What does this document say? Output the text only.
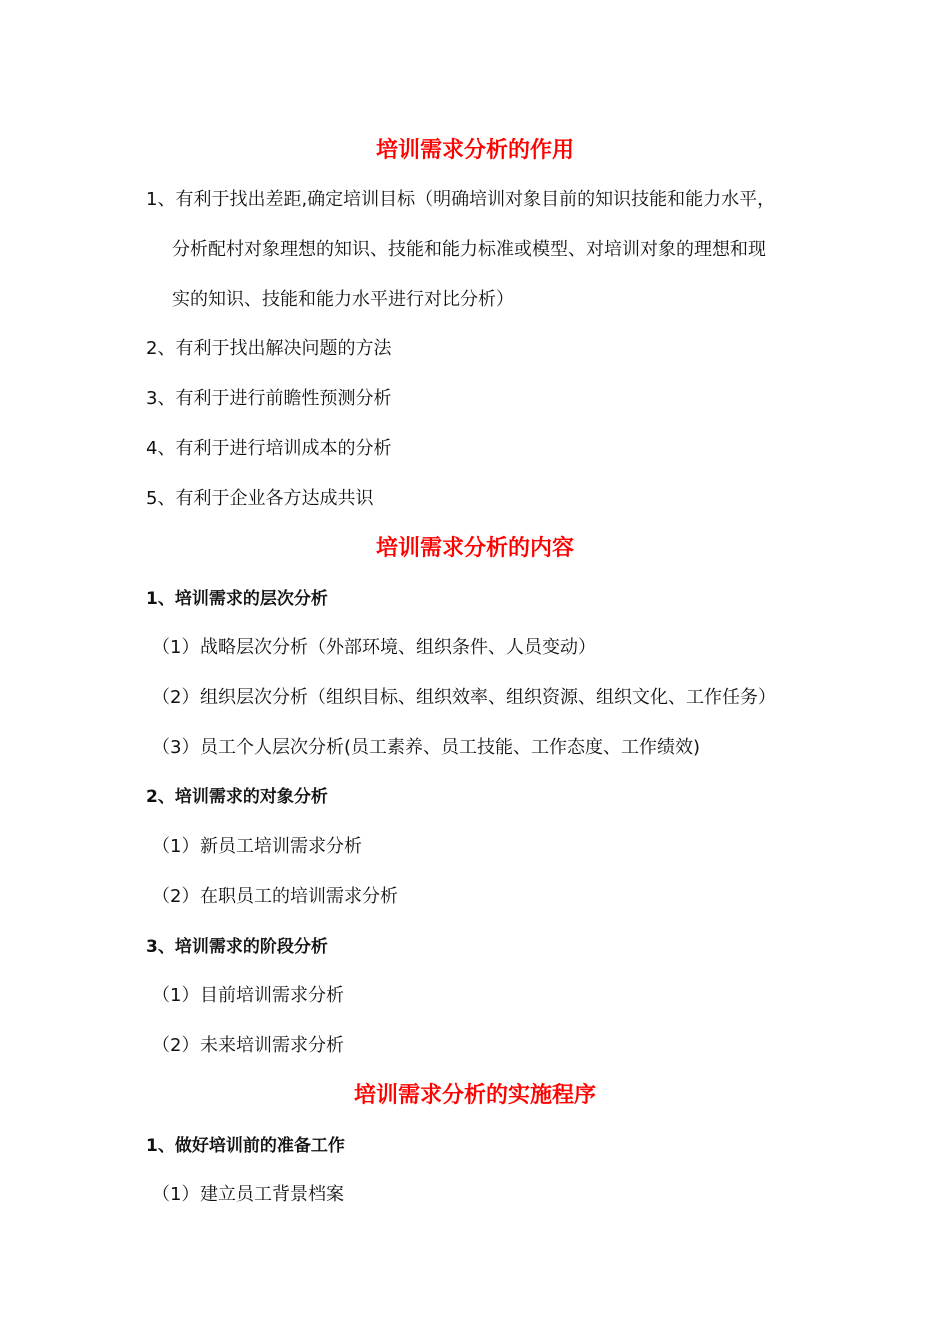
培训需求分析的作用

1、有利于找出差距,确定培训目标（明确培训对象目前的知识技能和能力水平，

分析配村对象理想的知识、技能和能力标准或模型、对培训对象的理想和现

实的知识、技能和能力水平进行对比分析）

2、有利于找出解决问题的方法

3、有利于进行前瞻性预测分析

4、有利于进行培训成本的分析

5、有利于企业各方达成共识

培训需求分析的内容

1、培训需求的层次分析

（1）战略层次分析（外部环境、组织条件、人员变动）

（2）组织层次分析（组织目标、组织效率、组织资源、组织文化、工作任务）

（3）员工个人层次分析(员工素养、员工技能、工作态度、工作绩效)

2、培训需求的对象分析

（1）新员工培训需求分析

（2）在职员工的培训需求分析

3、培训需求的阶段分析

（1）目前培训需求分析

（2）未来培训需求分析

培训需求分析的实施程序

1、做好培训前的准备工作

（1）建立员工背景档案
